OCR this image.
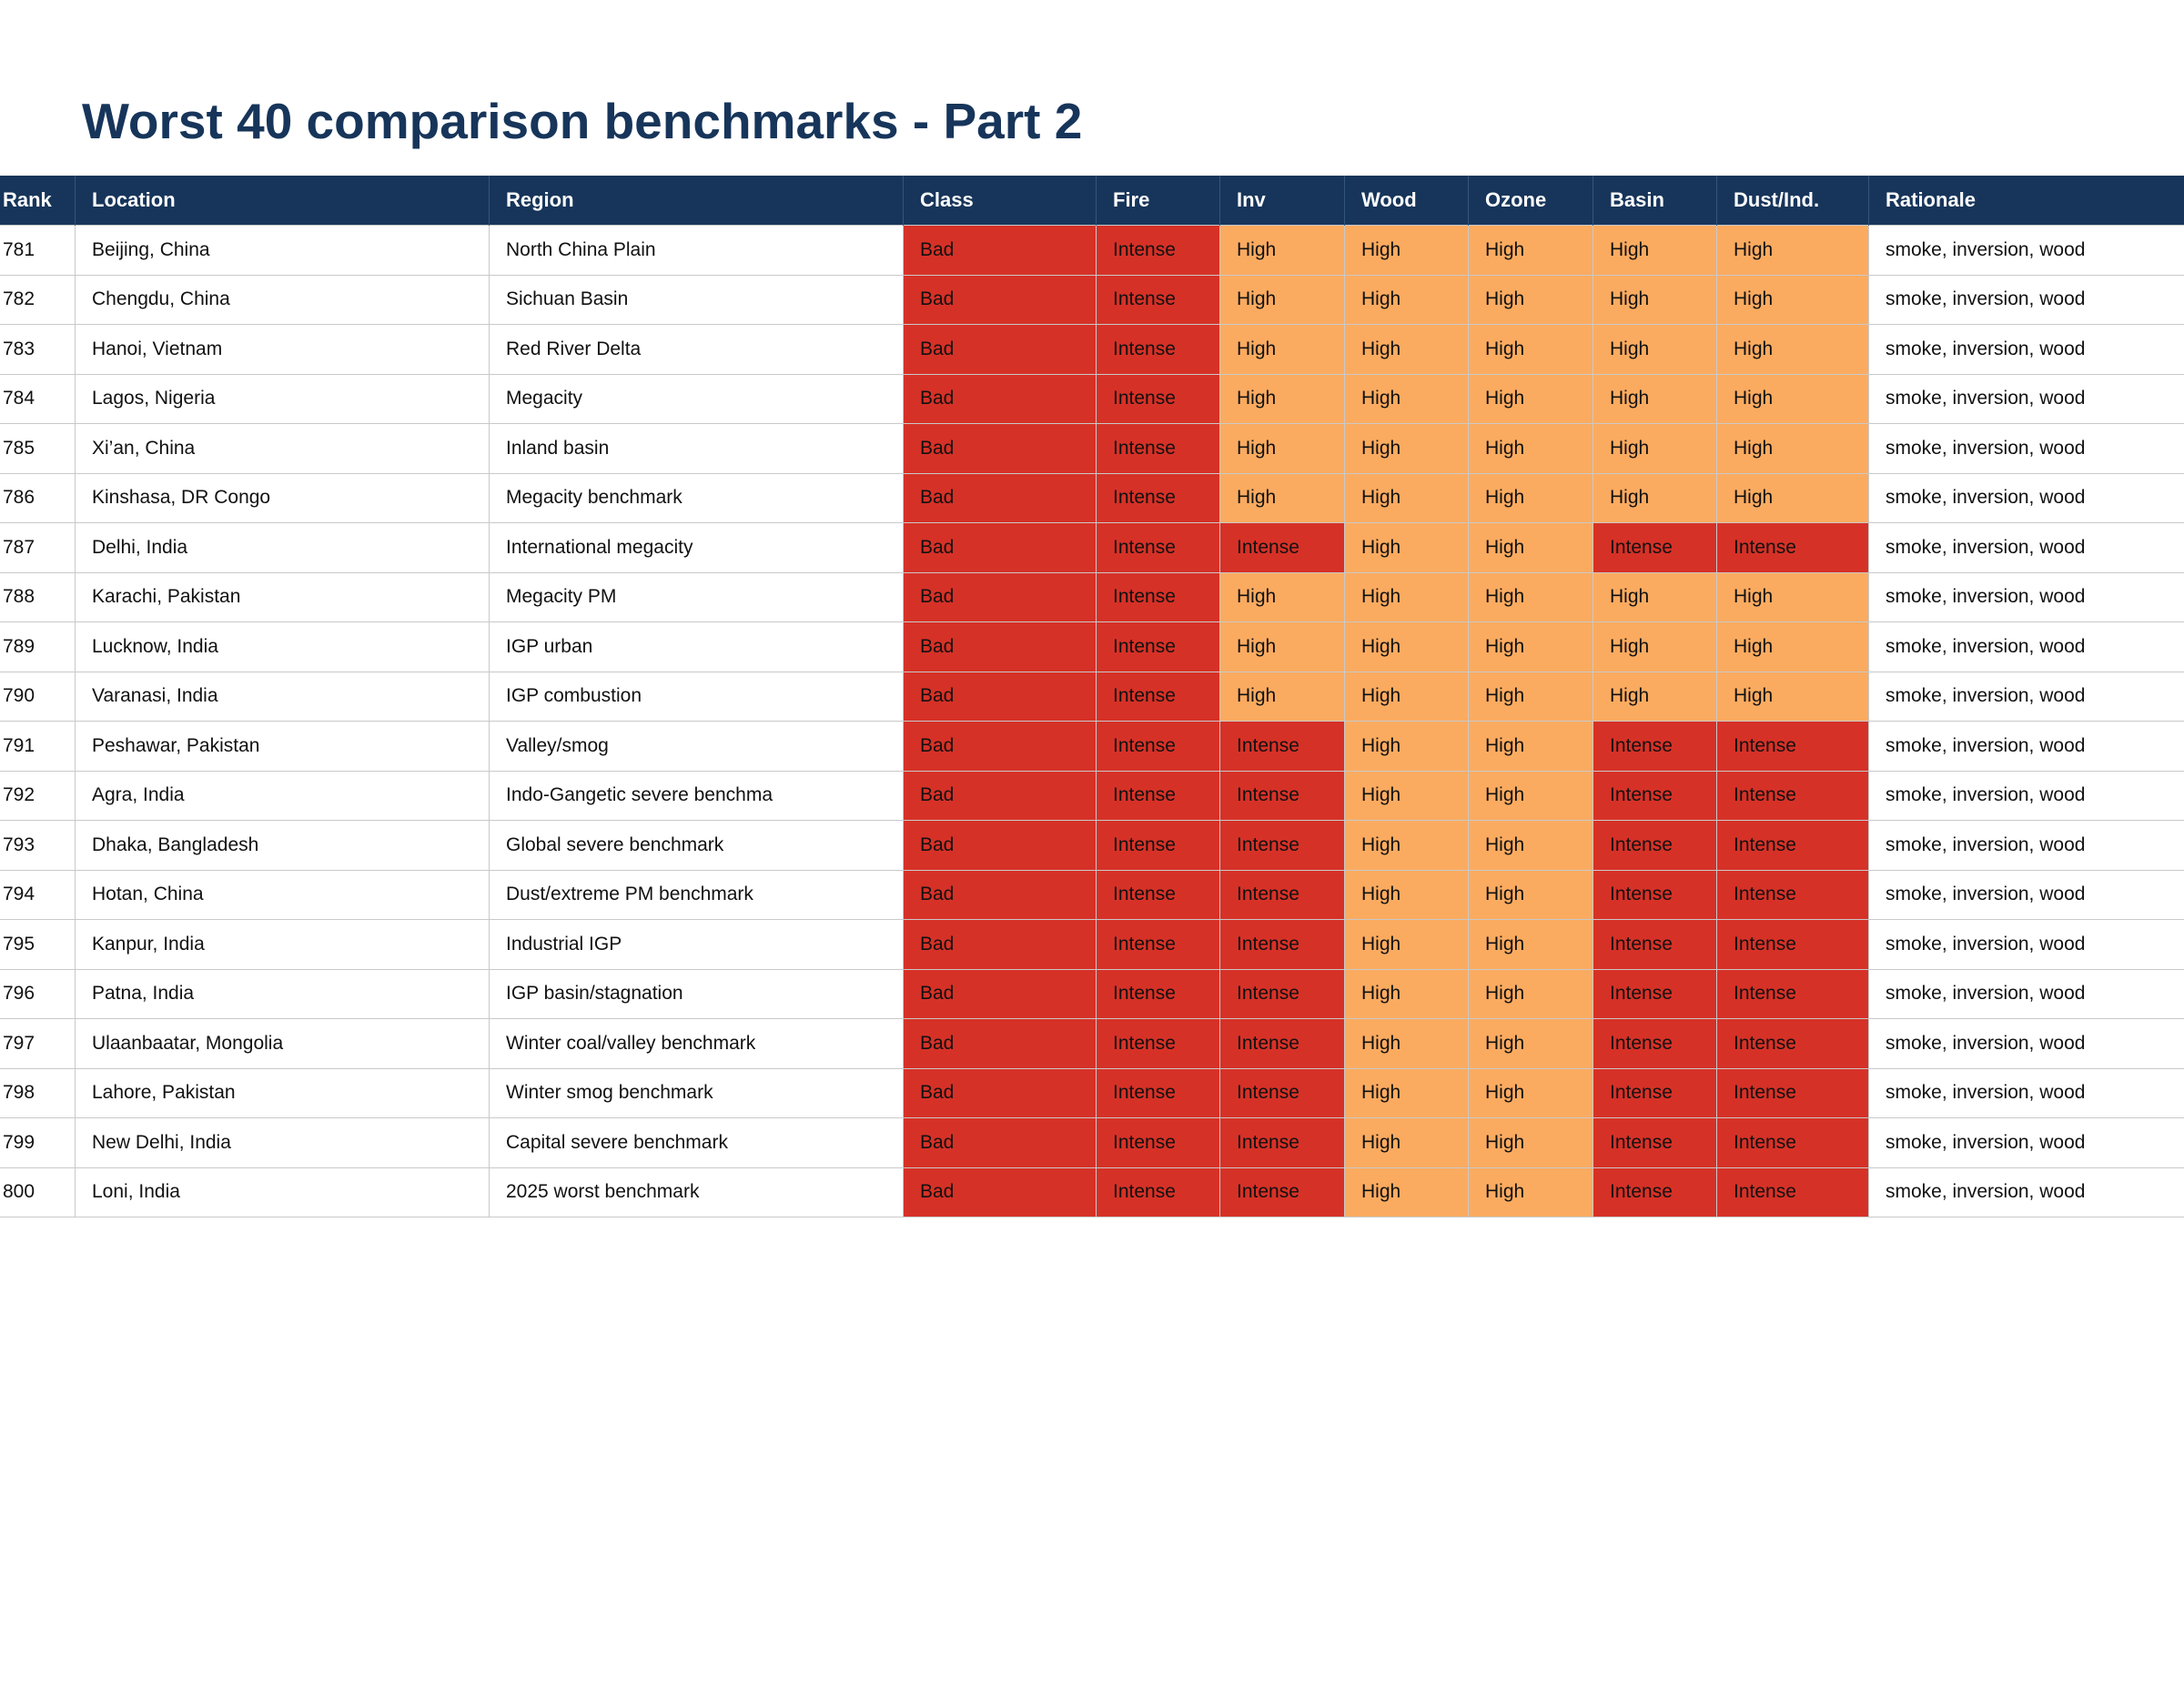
Worst 40 comparison benchmarks - Part 2
Rank	Location	Region	Class	Fire	Inv	Wood	Ozone	Basin	Dust/Ind.	Rationale
781	Beijing, China	North China Plain	Bad	Intense	High	High	High	High	High	smoke, inversion, wood
782	Chengdu, China	Sichuan Basin	Bad	Intense	High	High	High	High	High	smoke, inversion, wood
783	Hanoi, Vietnam	Red River Delta	Bad	Intense	High	High	High	High	High	smoke, inversion, wood
784	Lagos, Nigeria	Megacity	Bad	Intense	High	High	High	High	High	smoke, inversion, wood
785	Xi’an, China	Inland basin	Bad	Intense	High	High	High	High	High	smoke, inversion, wood
786	Kinshasa, DR Congo	Megacity benchmark	Bad	Intense	High	High	High	High	High	smoke, inversion, wood
787	Delhi, India	International megacity	Bad	Intense	Intense	High	High	Intense	Intense	smoke, inversion, wood
788	Karachi, Pakistan	Megacity PM	Bad	Intense	High	High	High	High	High	smoke, inversion, wood
789	Lucknow, India	IGP urban	Bad	Intense	High	High	High	High	High	smoke, inversion, wood
790	Varanasi, India	IGP combustion	Bad	Intense	High	High	High	High	High	smoke, inversion, wood
791	Peshawar, Pakistan	Valley/smog	Bad	Intense	Intense	High	High	Intense	Intense	smoke, inversion, wood
792	Agra, India	Indo-Gangetic severe benchma	Bad	Intense	Intense	High	High	Intense	Intense	smoke, inversion, wood
793	Dhaka, Bangladesh	Global severe benchmark	Bad	Intense	Intense	High	High	Intense	Intense	smoke, inversion, wood
794	Hotan, China	Dust/extreme PM benchmark	Bad	Intense	Intense	High	High	Intense	Intense	smoke, inversion, wood
795	Kanpur, India	Industrial IGP	Bad	Intense	Intense	High	High	Intense	Intense	smoke, inversion, wood
796	Patna, India	IGP basin/stagnation	Bad	Intense	Intense	High	High	Intense	Intense	smoke, inversion, wood
797	Ulaanbaatar, Mongolia	Winter coal/valley benchmark	Bad	Intense	Intense	High	High	Intense	Intense	smoke, inversion, wood
798	Lahore, Pakistan	Winter smog benchmark	Bad	Intense	Intense	High	High	Intense	Intense	smoke, inversion, wood
799	New Delhi, India	Capital severe benchmark	Bad	Intense	Intense	High	High	Intense	Intense	smoke, inversion, wood
800	Loni, India	2025 worst benchmark	Bad	Intense	Intense	High	High	Intense	Intense	smoke, inversion, wood
